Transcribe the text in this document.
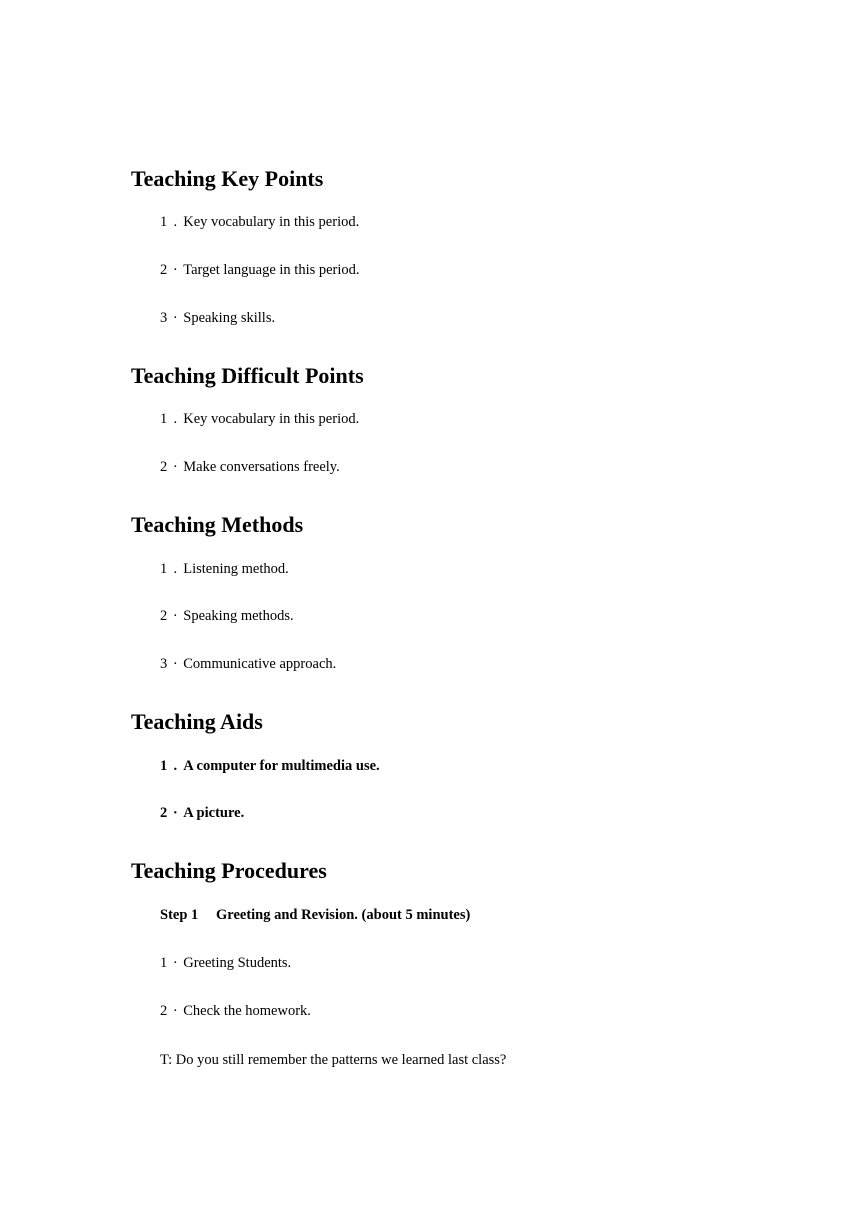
Teaching Key Points
1 . Key vocabulary in this period.
2 · Target language in this period.
3 · Speaking skills.
Teaching Difficult Points
1 . Key vocabulary in this period.
2 · Make conversations freely.
Teaching Methods
1 . Listening method.
2 · Speaking methods.
3 · Communicative approach.
Teaching Aids
1 . A computer for multimedia use.
2 · A picture.
Teaching Procedures
Step 1 Greeting and Revision. (about 5 minutes)
1 · Greeting Students.
2 · Check the homework.
T: Do you still remember the patterns we learned last class?
